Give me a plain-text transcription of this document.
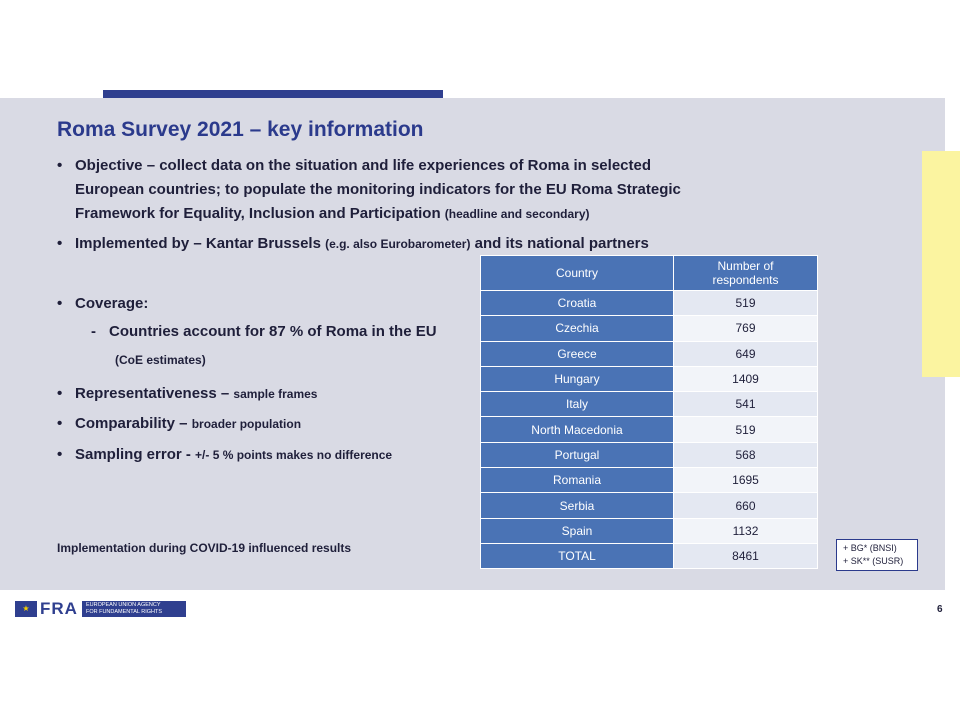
Roma Survey 2021 – key information
• Objective – collect data on the situation and life experiences of Roma in selected
European countries; to populate the monitoring indicators for the EU Roma Strategic
Framework for Equality, Inclusion and Participation (headline and secondary)
• Implemented by – Kantar Brussels (e.g. also Eurobarometer) and its national partners
• Coverage:
- Countries account for 87 % of Roma in the EU
(CoE estimates)
• Representativeness – sample frames
• Comparability – broader population
• Sampling error - +/- 5 % points makes no difference
Country	Number of respondents
Croatia	519
Czechia	769
Greece	649
Hungary	1409
Italy	541
North Macedonia	519
Portugal	568
Romania	1695
Serbia	660
Spain	1132
TOTAL	8461
Implementation during COVID-19 influenced results	+ BG* (BNSI)
+ SK** (SUSR)
★ FRA EUROPEAN UNION AGENCY
FOR FUNDAMENTAL RIGHTS	6
